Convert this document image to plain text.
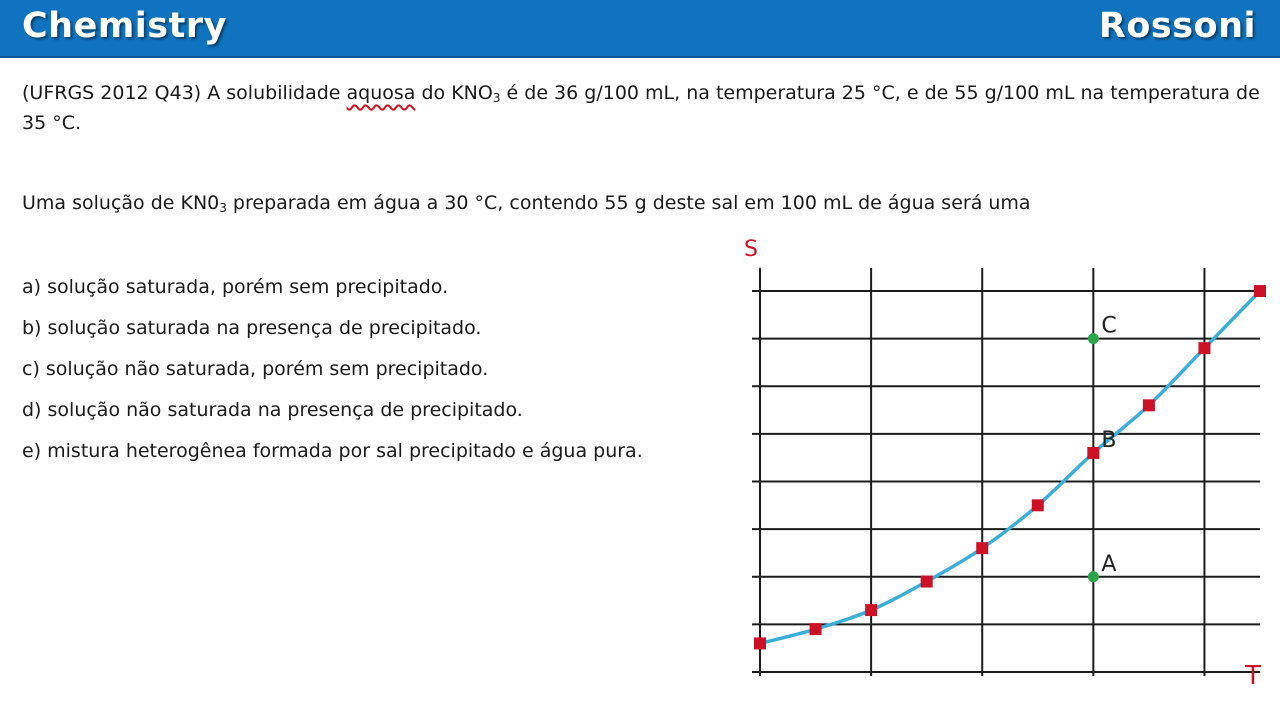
Chemistry	Rossoni
(UFRGS 2012 Q43) A solubilidade aquosa do $KNO_3$ é de 36 g/100 mL, na temperatura 25 °C, e de 55 g/100 mL na temperatura de 35 °C.
Uma solução de $KN0_3$ preparada em água a 30 °C, contendo 55 g deste sal em 100 mL de água será uma
a) solução saturada, porém sem precipitado.
b) solução saturada na presença de precipitado.
c) solução não saturada, porém sem precipitado.
d) solução não saturada na presença de precipitado.
e) mistura heterogênea formada por sal precipitado e água pura.
A
B
C
S
T
